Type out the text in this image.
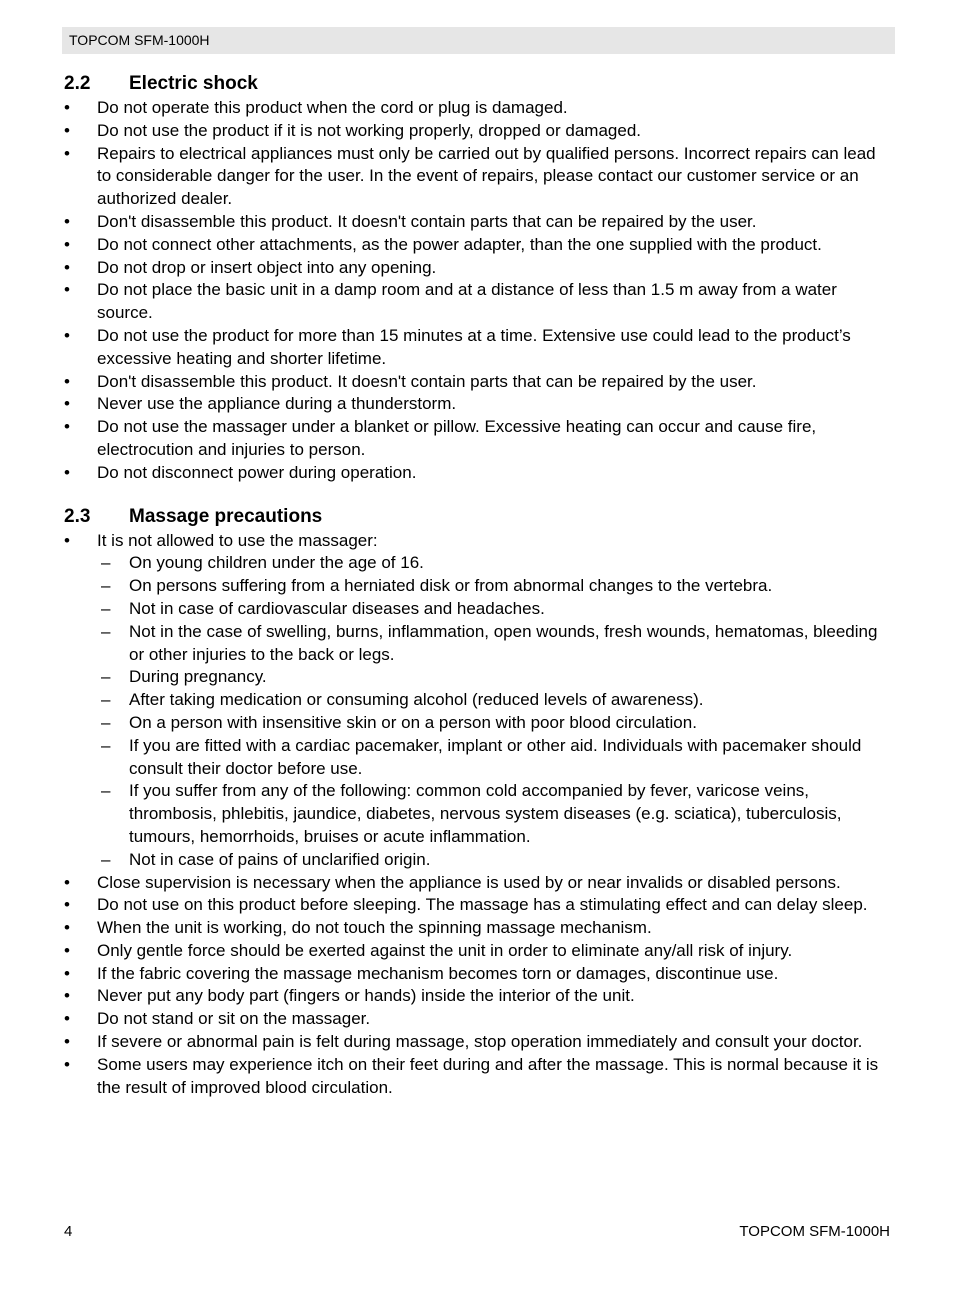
TOPCOM SFM-1000H
2.2	Electric shock
•	Do not operate this product when the cord or plug is damaged.
•	Do not use the product if it is not working properly, dropped or damaged.
•	Repairs to electrical appliances must only be carried out by qualified persons. Incorrect repairs can lead to considerable danger for the user. In the event of repairs, please contact our customer service or an authorized dealer.
•	Don't disassemble this product. It doesn't contain parts that can be repaired by the user.
•	Do not connect other attachments, as the power adapter, than the one supplied with the product.
•	Do not drop or insert object into any opening.
•	Do not place the basic unit in a damp room and at a distance of less than 1.5 m away from a water source.
•	Do not use the product for more than 15 minutes at a time. Extensive use could lead to the product’s excessive heating and shorter lifetime.
•	Don't disassemble this product. It doesn't contain parts that can be repaired by the user.
•	Never use the appliance during a thunderstorm.
•	Do not use the massager under a blanket or pillow. Excessive heating can occur and cause fire, electrocution and injuries to person.
•	Do not disconnect power during operation.
2.3	Massage precautions
•	It is not allowed to use the massager:
– On young children under the age of 16.
– On persons suffering from a herniated disk or from abnormal changes to the vertebra.
– Not in case of cardiovascular diseases and headaches.
– Not in the case of swelling, burns, inflammation, open wounds, fresh wounds, hematomas, bleeding or other injuries to the back or legs.
– During pregnancy.
– After taking medication or consuming alcohol (reduced levels of awareness).
– On a person with insensitive skin or on a person with poor blood circulation.
– If you are fitted with a cardiac pacemaker, implant or other aid. Individuals with pacemaker should consult their doctor before use.
– If you suffer from any of the following: common cold accompanied by fever, varicose veins, thrombosis, phlebitis, jaundice, diabetes, nervous system diseases (e.g. sciatica), tuberculosis, tumours, hemorrhoids, bruises or acute inflammation.
– Not in case of pains of unclarified origin.
•	Close supervision is necessary when the appliance is used by or near invalids or disabled persons.
•	Do not use on this product before sleeping. The massage has a stimulating effect and can delay sleep.
•	When the unit is working, do not touch the spinning massage mechanism.
•	Only gentle force should be exerted against the unit in order to eliminate any/all risk of injury.
•	If the fabric covering the massage mechanism becomes torn or damages, discontinue use.
•	Never put any body part (fingers or hands) inside the interior of the unit.
•	Do not stand or sit on the massager.
•	If severe or abnormal pain is felt during massage, stop operation immediately and consult your doctor.
•	Some users may experience itch on their feet during and after the massage. This is normal because it is the result of improved blood circulation.
4	TOPCOM SFM-1000H
